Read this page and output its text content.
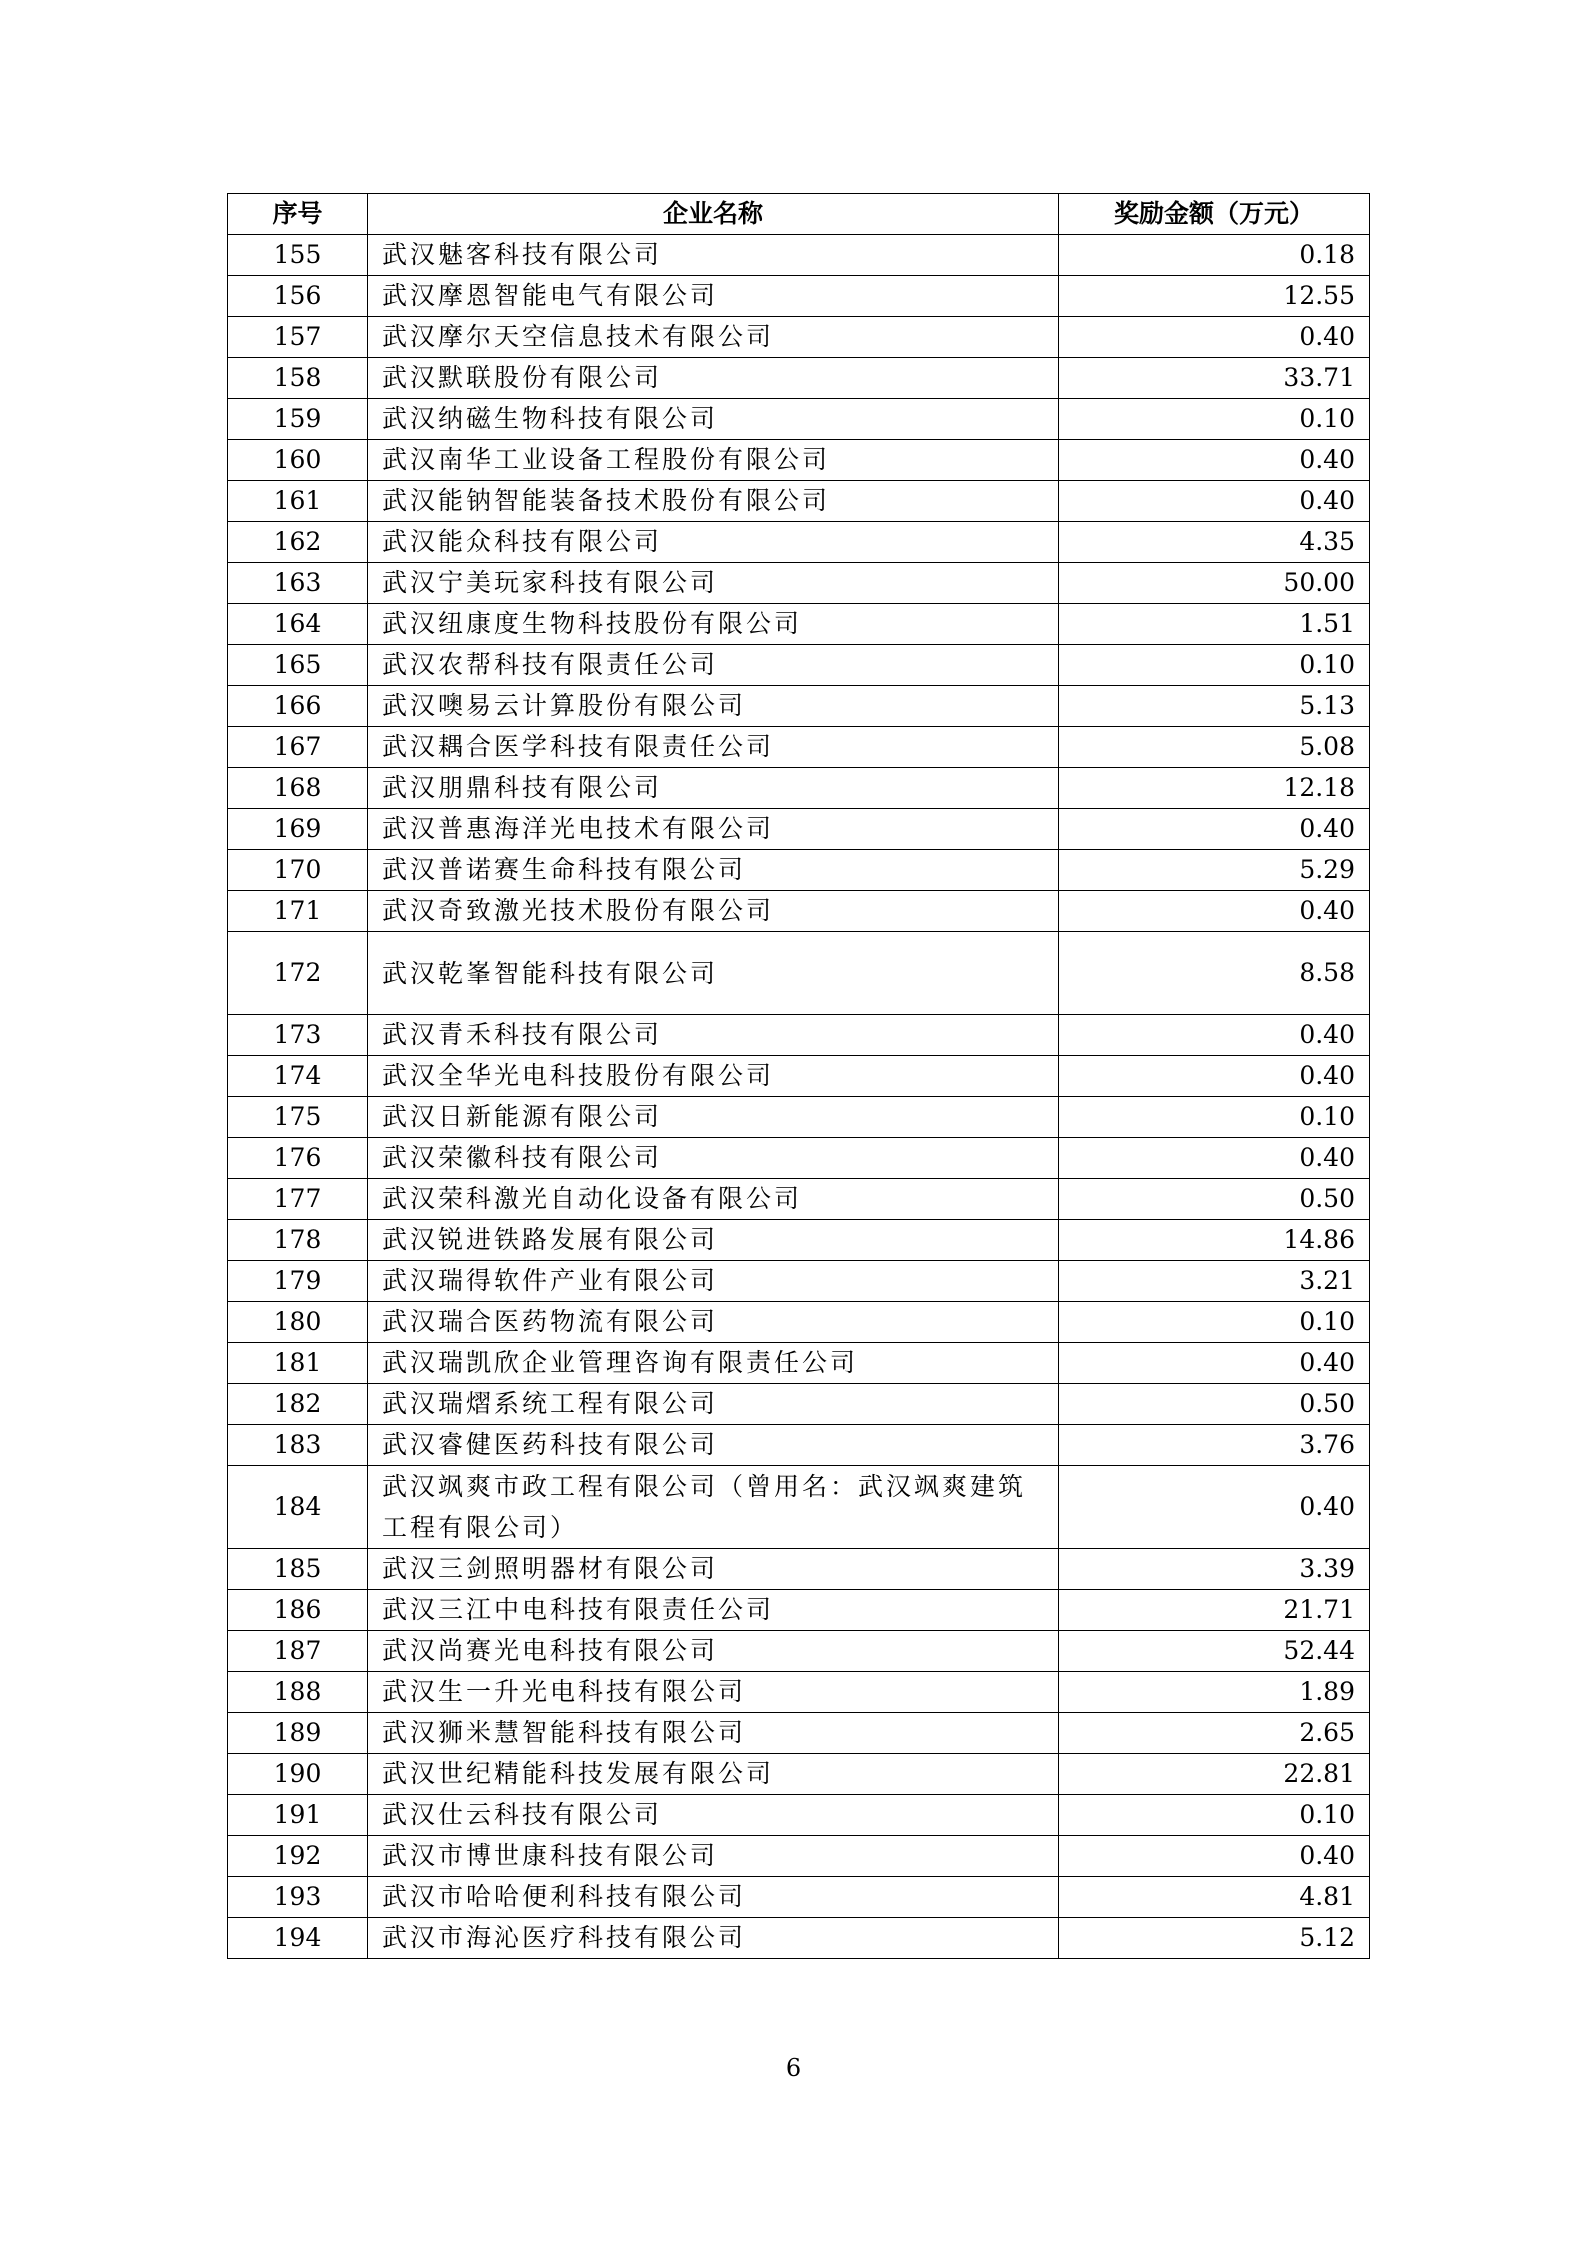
序号	企业名称	奖励金额（万元）
155	武汉魅客科技有限公司	0.18
156	武汉摩恩智能电气有限公司	12.55
157	武汉摩尔天空信息技术有限公司	0.40
158	武汉默联股份有限公司	33.71
159	武汉纳磁生物科技有限公司	0.10
160	武汉南华工业设备工程股份有限公司	0.40
161	武汉能钠智能装备技术股份有限公司	0.40
162	武汉能众科技有限公司	4.35
163	武汉宁美玩家科技有限公司	50.00
164	武汉纽康度生物科技股份有限公司	1.51
165	武汉农帮科技有限责任公司	0.10
166	武汉噢易云计算股份有限公司	5.13
167	武汉耦合医学科技有限责任公司	5.08
168	武汉朋鼎科技有限公司	12.18
169	武汉普惠海洋光电技术有限公司	0.40
170	武汉普诺赛生命科技有限公司	5.29
171	武汉奇致激光技术股份有限公司	0.40
172	武汉乾峯智能科技有限公司	8.58
173	武汉青禾科技有限公司	0.40
174	武汉全华光电科技股份有限公司	0.40
175	武汉日新能源有限公司	0.10
176	武汉荣徽科技有限公司	0.40
177	武汉荣科激光自动化设备有限公司	0.50
178	武汉锐进铁路发展有限公司	14.86
179	武汉瑞得软件产业有限公司	3.21
180	武汉瑞合医药物流有限公司	0.10
181	武汉瑞凯欣企业管理咨询有限责任公司	0.40
182	武汉瑞熠系统工程有限公司	0.50
183	武汉睿健医药科技有限公司	3.76
184	武汉飒爽市政工程有限公司（曾用名：武汉飒爽建筑工程有限公司）	0.40
185	武汉三剑照明器材有限公司	3.39
186	武汉三江中电科技有限责任公司	21.71
187	武汉尚赛光电科技有限公司	52.44
188	武汉生一升光电科技有限公司	1.89
189	武汉狮米慧智能科技有限公司	2.65
190	武汉世纪精能科技发展有限公司	22.81
191	武汉仕云科技有限公司	0.10
192	武汉市博世康科技有限公司	0.40
193	武汉市哈哈便利科技有限公司	4.81
194	武汉市海沁医疗科技有限公司	5.12
6
